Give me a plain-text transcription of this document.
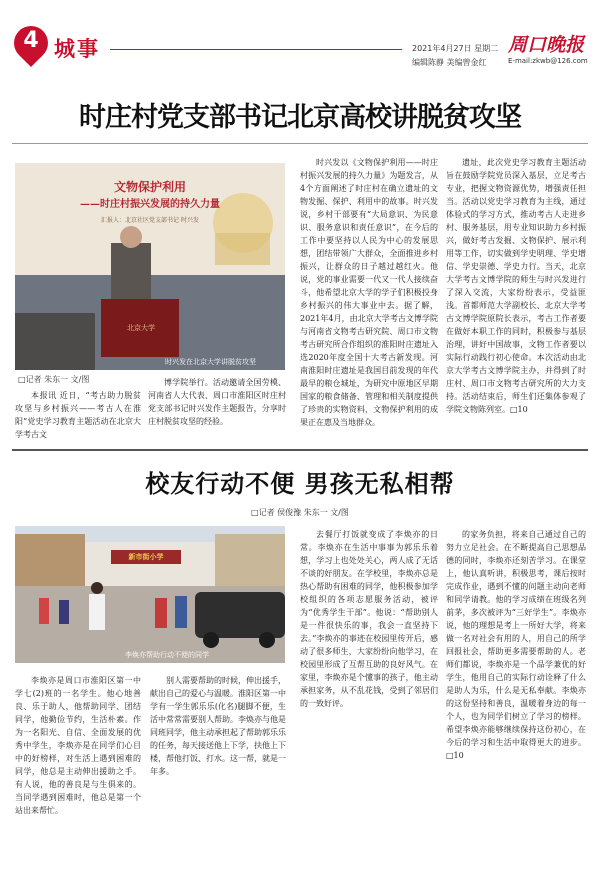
4 城事	2021年4月27日 星期二
编辑陈静 美编曾金红
周口晚报
E-mail:zkwb@126.com
时庄村党支部书记北京高校讲脱贫攻坚
文物保护利用
——时庄村振兴发展的持久力量
汇报人：北京社区党支部书记 时兴发
北京大学
时兴发在北京大学讲脱贫攻坚
□记者 朱东一 文/图

本报讯 近日，“考古助力脱贫攻坚与乡村振兴——考古人在淮阳”党史学习教育主题活动在北京大学考古文

博学院举行。活动邀请全国劳模、河南省人大代表、周口市淮阳区时庄村党支部书记时兴发作主题报告，分享时庄村脱贫攻坚的经验。

时兴发以《文物保护利用——时庄村振兴发展的持久力量》为题发言，从4个方面阐述了时庄村在确立遗址的文物发掘、保护、利用中的故事。时兴发说，乡村干部要有“大局意识、为民意识、服务意识和责任意识”，在今后的工作中要坚持以人民为中心的发展思想，团结带领广大群众，全面推进乡村振兴，让群众的日子越过越红火。他说，党的事业需要一代又一代人接续奋斗，他希望北京大学的学子们积极投身乡村振兴的伟大事业中去。据了解，2021年4月，由北京大学考古文博学院与河南省文物考古研究院、周口市文物考古研究所合作组织的淮阳时庄遗址入选2020年度全国十大考古新发现。河南淮阳时庄遗址是我国目前发现的年代最早的粮仓城址，为研究中原地区早期国家的粮食储备、管理和相关制度提供了珍贵的实物资料，文物保护利用的成果正在惠及当地群众。

遗址，此次党史学习教育主题活动旨在鼓励学院党员深入基层，立足考古专业，把握文物资源优势，增强责任担当。活动以党史学习教育为主线，通过体验式的学习方式，推动考古人走进乡村、服务基层，用专业知识助力乡村振兴，做好考古发掘、文物保护、展示利用等工作，切实做到学史明理、学史增信、学史崇德、学史力行。当天，北京大学考古文博学院的师生与时兴发进行了深入交流，大家纷纷表示，受益匪浅。首都师范大学副校长、北京大学考古文博学院原院长表示，考古工作者要在做好本职工作的同时，积极参与基层治理，讲好中国故事，文物工作者要以实际行动践行初心使命。本次活动由北京大学考古文博学院主办，并得到了时庄村、周口市文物考古研究所的大力支持。活动结束后，师生们还集体参观了学院文物陈列室。□10

校友行动不便 男孩无私相帮
□记者 侯俊豫 朱东一 文/图
新市街小学
李焕亦帮助行动不便的同学

李焕亦是周口市淮阳区第一中学七(2)班的一名学生。他心地善良、乐于助人，他帮助同学、团结同学，他勤俭节约，生活朴素。作为一名阳光、自信、全面发展的优秀中学生，李焕亦是在同学们心目中的好榜样，对生活上遇到困难的同学，他总是主动伸出援助之手。有人说，他的善良是与生俱来的。当同学遇到困难时，他总是第一个站出来帮忙。

别人需要帮助的时候，伸出援手，献出自己的爱心与温暖。淮阳区第一中学有一学生郭乐乐(化名)腿脚不便，生活中常常需要别人帮助。李焕亦与他是同班同学，他主动承担起了帮助郭乐乐的任务，每天接送他上下学，扶他上下楼，帮他打饭、打水。这一帮，就是一年多。

去餐厅打饭就变成了李焕亦的日常。李焕亦在生活中事事为郭乐乐着想，学习上也处处关心，两人成了无话不谈的好朋友。在学校里，李焕亦总是热心帮助有困难的同学，他积极参加学校组织的各项志愿服务活动，被评为“优秀学生干部”。他说：“帮助别人是一件很快乐的事，我会一直坚持下去。”李焕亦的事迹在校园里传开后，感动了很多师生，大家纷纷向他学习，在校园里形成了互帮互助的良好风气。在家里，李焕亦是个懂事的孩子，他主动承担家务，从不乱花钱，受到了邻居们的一致好评。

的家务负担，将来自己通过自己的努力立足社会。在不断提高自己思想品德的同时，李焕亦还刻苦学习。在课堂上，他认真听讲，积极思考，课后按时完成作业，遇到不懂的问题主动向老师和同学请教。他的学习成绩在班级名列前茅，多次被评为“三好学生”。李焕亦说，他的理想是考上一所好大学，将来做一名对社会有用的人，用自己的所学回报社会，帮助更多需要帮助的人。老师们都说，李焕亦是一个品学兼优的好学生，他用自己的实际行动诠释了什么是助人为乐，什么是无私奉献。李焕亦的这份坚持和善良，温暖着身边的每一个人，也为同学们树立了学习的榜样。希望李焕亦能够继续保持这份初心，在今后的学习和生活中取得更大的进步。□10
